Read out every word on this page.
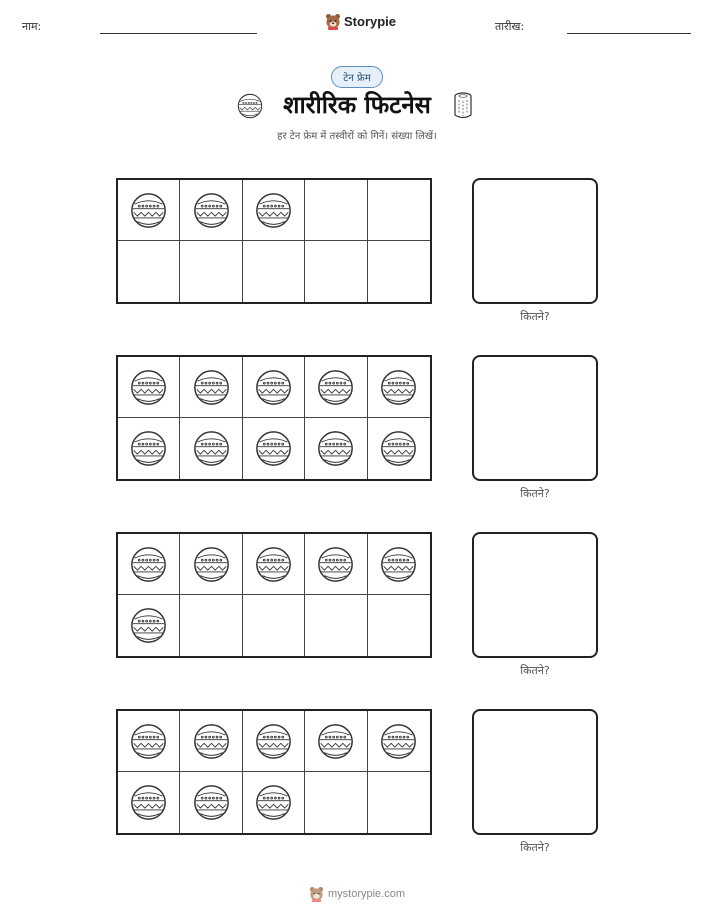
नाम:	Storypie	तारीख:
टेन फ्रेम
शारीरिक फिटनेस
हर टेन फ्रेम में तस्वीरों को गिनें। संख्या लिखें।
कितने?
कितने?
कितने?
कितने?
mystorypie.com
